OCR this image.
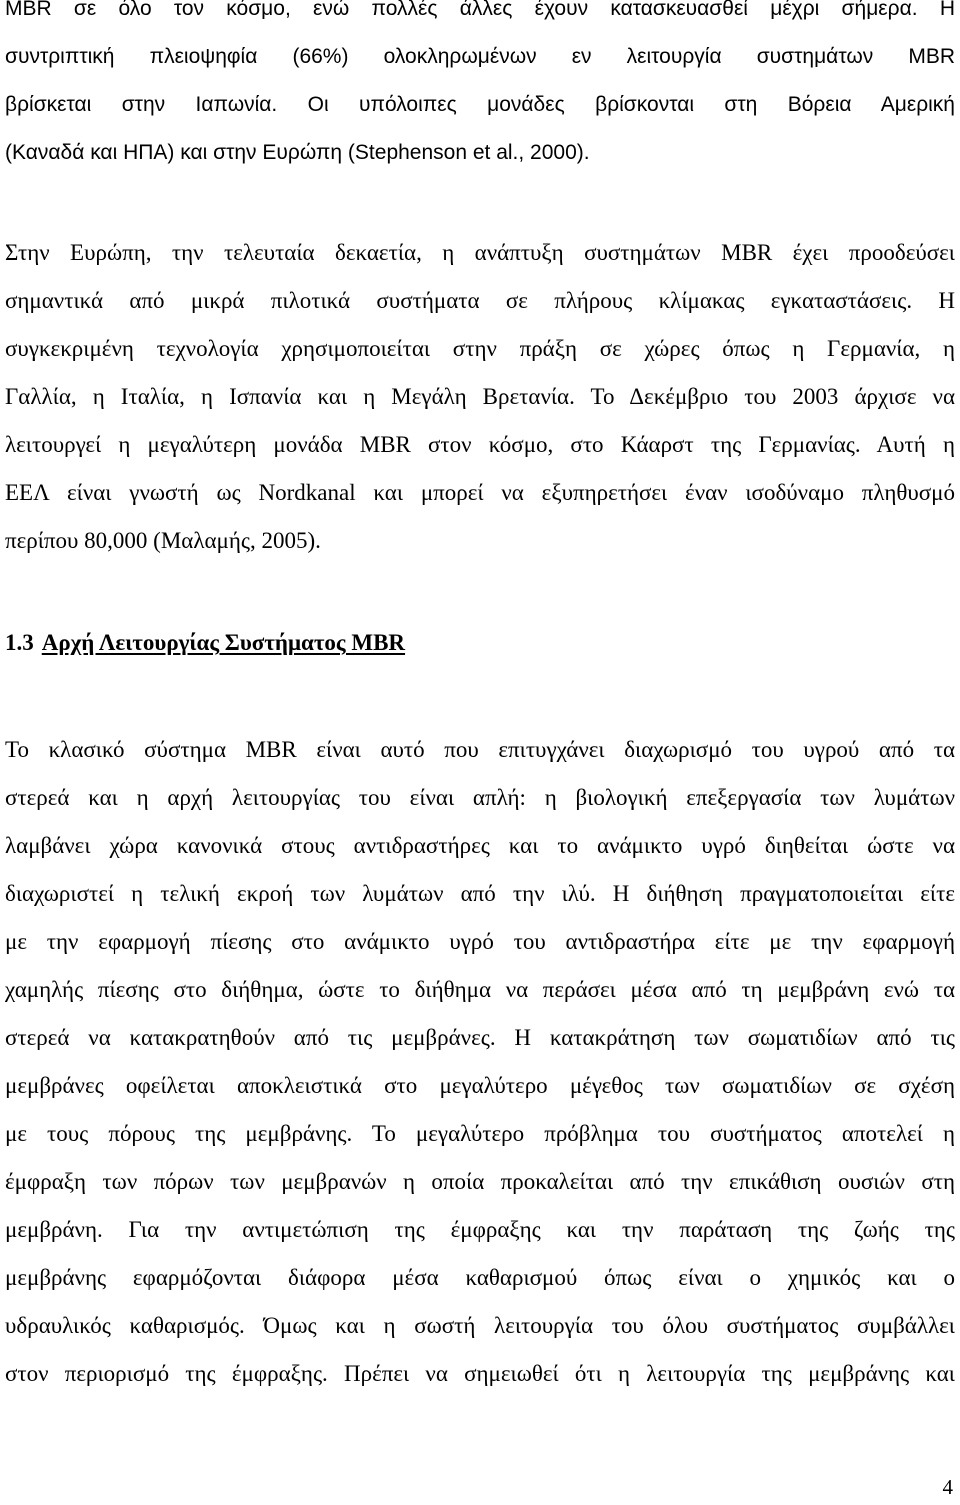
MBR σε όλο τον κόσμο, ενώ πολλές άλλες έχουν κατασκευασθεί μέχρι σήμερα. Η
συντριπτική πλειοψηφία (66%) ολοκληρωμένων εν λειτουργία συστημάτων MBR
βρίσκεται στην Ιαπωνία. Οι υπόλοιπες μονάδες βρίσκονται στη Βόρεια Αμερική
(Καναδά και ΗΠΑ) και στην Ευρώπη (Stephenson et al., 2000).
Στην Ευρώπη, την τελευταία δεκαετία, η ανάπτυξη συστημάτων MBR έχει προοδεύσει
σημαντικά από μικρά πιλοτικά συστήματα σε πλήρους κλίμακας εγκαταστάσεις. Η
συγκεκριμένη τεχνολογία χρησιμοποιείται στην πράξη σε χώρες όπως η Γερμανία, η
Γαλλία, η Ιταλία, η Ισπανία και η Μεγάλη Βρετανία. Το Δεκέμβριο του 2003 άρχισε να
λειτουργεί η μεγαλύτερη μονάδα MBR στον κόσμο, στο Κάαρστ της Γερμανίας. Αυτή η
ΕΕΛ είναι γνωστή ως Nordkanal και μπορεί να εξυπηρετήσει έναν ισοδύναμο πληθυσμό
περίπου 80,000 (Μαλαμής, 2005).
1.3 Αρχή Λειτουργίας Συστήματος MBR
Το κλασικό σύστημα MBR είναι αυτό που επιτυγχάνει διαχωρισμό του υγρού από τα
στερεά και η αρχή λειτουργίας του είναι απλή: η βιολογική επεξεργασία των λυμάτων
λαμβάνει χώρα κανονικά στους αντιδραστήρες και το ανάμικτο υγρό διηθείται ώστε να
διαχωριστεί η τελική εκροή των λυμάτων από την ιλύ. Η διήθηση πραγματοποιείται είτε
με την εφαρμογή πίεσης στο ανάμικτο υγρό του αντιδραστήρα είτε με την εφαρμογή
χαμηλής πίεσης στο διήθημα, ώστε το διήθημα να περάσει μέσα από τη μεμβράνη ενώ τα
στερεά να κατακρατηθούν από τις μεμβράνες. Η κατακράτηση των σωματιδίων από τις
μεμβράνες οφείλεται αποκλειστικά στο μεγαλύτερο μέγεθος των σωματιδίων σε σχέση
με τους πόρους της μεμβράνης. Το μεγαλύτερο πρόβλημα του συστήματος αποτελεί η
έμφραξη των πόρων των μεμβρανών η οποία προκαλείται από την επικάθιση ουσιών στη
μεμβράνη. Για την αντιμετώπιση της έμφραξης και την παράταση της ζωής της
μεμβράνης εφαρμόζονται διάφορα μέσα καθαρισμού όπως είναι ο χημικός και ο
υδραυλικός καθαρισμός. Όμως και η σωστή λειτουργία του όλου συστήματος συμβάλλει
στον περιορισμό της έμφραξης. Πρέπει να σημειωθεί ότι η λειτουργία της μεμβράνης και
4
